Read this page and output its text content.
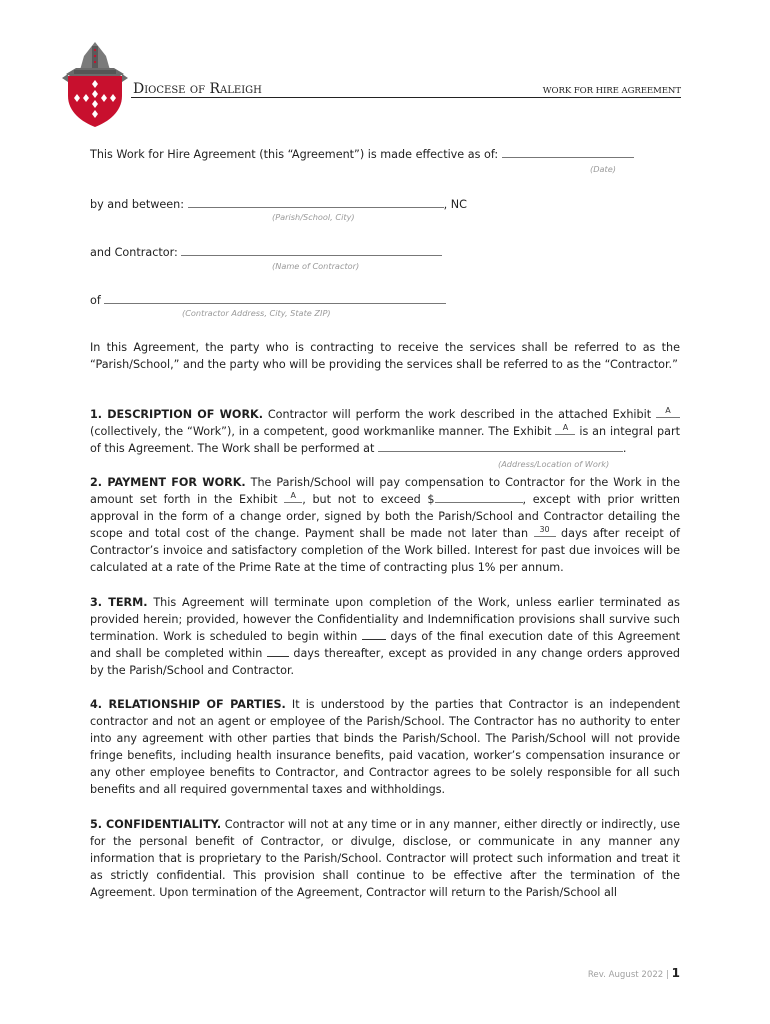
Diocese of Raleigh	WORK FOR HIRE AGREEMENT
This Work for Hire Agreement (this “Agreement”) is made effective as of:
(Date)
by and between:	, NC
(Parish/School, City)
and Contractor:
(Name of Contractor)
of
(Contractor Address, City, State ZIP)
In this Agreement, the party who is contracting to receive the services shall be referred to as the “Parish/School,” and the party who will be providing the services shall be referred to as the “Contractor.”
1. DESCRIPTION OF WORK. Contractor will perform the work described in the attached Exhibit	A
(collectively, the “Work”), in a competent, good workmanlike manner. The Exhibit A is an integral part of this Agreement. The Work shall be performed at	.
(Address/Location of Work)
2. PAYMENT FOR WORK. The Parish/School will pay compensation to Contractor for the Work in the amount set forth in the Exhibit A , but not to exceed $	, except with prior written approval in the form of a change order, signed by both the Parish/School and Contractor detailing the scope and total cost of the change. Payment shall be made not later than 30 days after receipt of Contractor’s invoice and satisfactory completion of the Work billed. Interest for past due invoices will be calculated at a rate of the Prime Rate at the time of contracting plus 1% per annum.
3. TERM. This Agreement will terminate upon completion of the Work, unless earlier terminated as provided herein; provided, however the Confidentiality and Indemnification provisions shall survive such termination. Work is scheduled to begin within
days of the final execution date of this Agreement and shall be completed within
days thereafter, except as provided in any change orders approved by the Parish/School and Contractor.
4. RELATIONSHIP OF PARTIES. It is understood by the parties that Contractor is an independent contractor and not an agent or employee of the Parish/School. The Contractor has no authority to enter into any agreement with other parties that binds the Parish/School. The Parish/School will not provide fringe benefits, including health insurance benefits, paid vacation, worker’s compensation insurance or any other employee benefits to Contractor, and Contractor agrees to be solely responsible for all such benefits and all required governmental taxes and withholdings.
5. CONFIDENTIALITY. Contractor will not at any time or in any manner, either directly or indirectly, use for the personal benefit of Contractor, or divulge, disclose, or communicate in any manner any information that is proprietary to the Parish/School. Contractor will protect such information and treat it as strictly confidential. This provision shall continue to be effective after the termination of the Agreement. Upon termination of the Agreement, Contractor will return to the Parish/School all
Rev. August 2022 | 1
